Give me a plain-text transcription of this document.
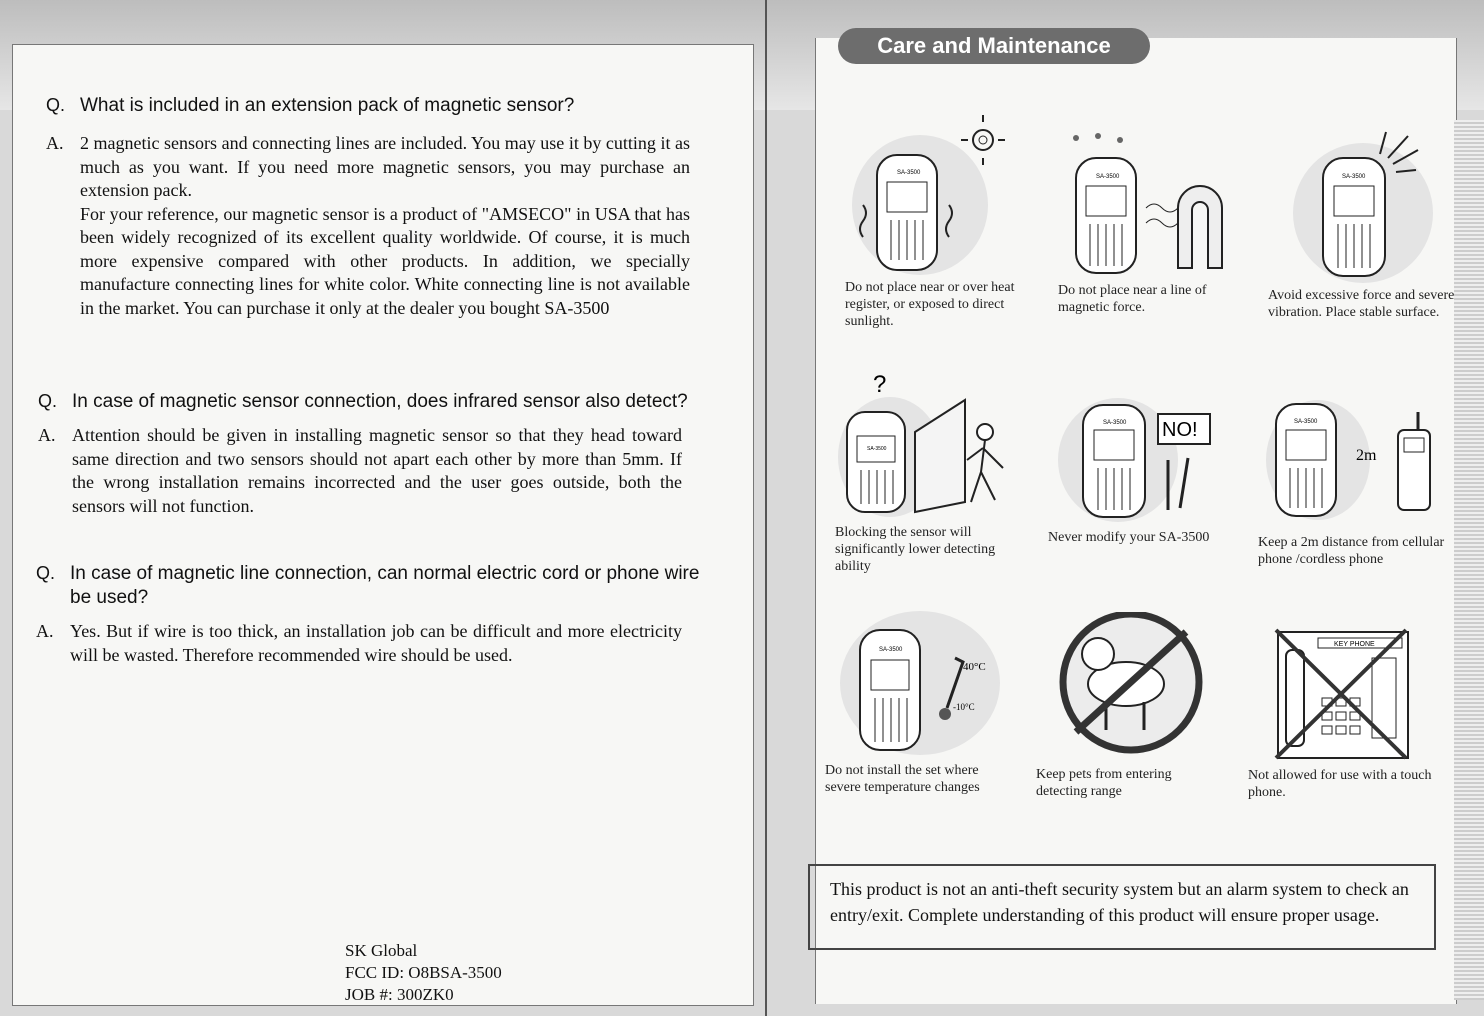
Q. What is included in an extension pack of magnetic sensor?
A. 2 magnetic sensors and connecting lines are included. You may use it by cutting it as much as you want. If you need more magnetic sensors, you may purchase an extension pack.
For your reference, our magnetic sensor is a product of "AMSECO" in USA that has been widely recognized of its excellent quality worldwide. Of course, it is much more expensive compared with other products. In addition, we specially manufacture connecting lines for white color. White connecting line is not available in the market. You can purchase it only at the dealer you bought SA-3500
Q. In case of magnetic sensor connection, does infrared sensor also detect?
A. Attention should be given in installing magnetic sensor so that they head toward same direction and two sensors should not apart each other by more than 5mm. If the wrong installation remains incorrected and the user goes outside, both the sensors will not function.
Q. In case of magnetic line connection, can normal electric cord or phone wire be used?
A. Yes. But if wire is too thick, an installation job can be difficult and more electricity will be wasted. Therefore recommended wire should be used.
SK Global
FCC ID: O8BSA-3500
JOB #: 300ZK0
Care and Maintenance
SA-3500
Do not place near or over heat register, or exposed to direct sunlight.
SA-3500
Do not place near a line of magnetic force.
SA-3500
Avoid excessive force and severe vibration. Place stable surface.
SA-3500
?
Blocking the sensor will significantly lower detecting ability
SA-3500 NO!
Never modify your SA-3500
SA-3500
2m
Keep a 2m distance from cellular phone /cordless phone
SA-3500
40°C
-10°C
Do not install the set where severe temperature changes
Keep pets from entering detecting range
KEY PHONE
Not allowed for use with a touch phone.
This product is not an anti-theft security system but an alarm system to check an entry/exit. Complete understanding of this product will ensure proper usage.
